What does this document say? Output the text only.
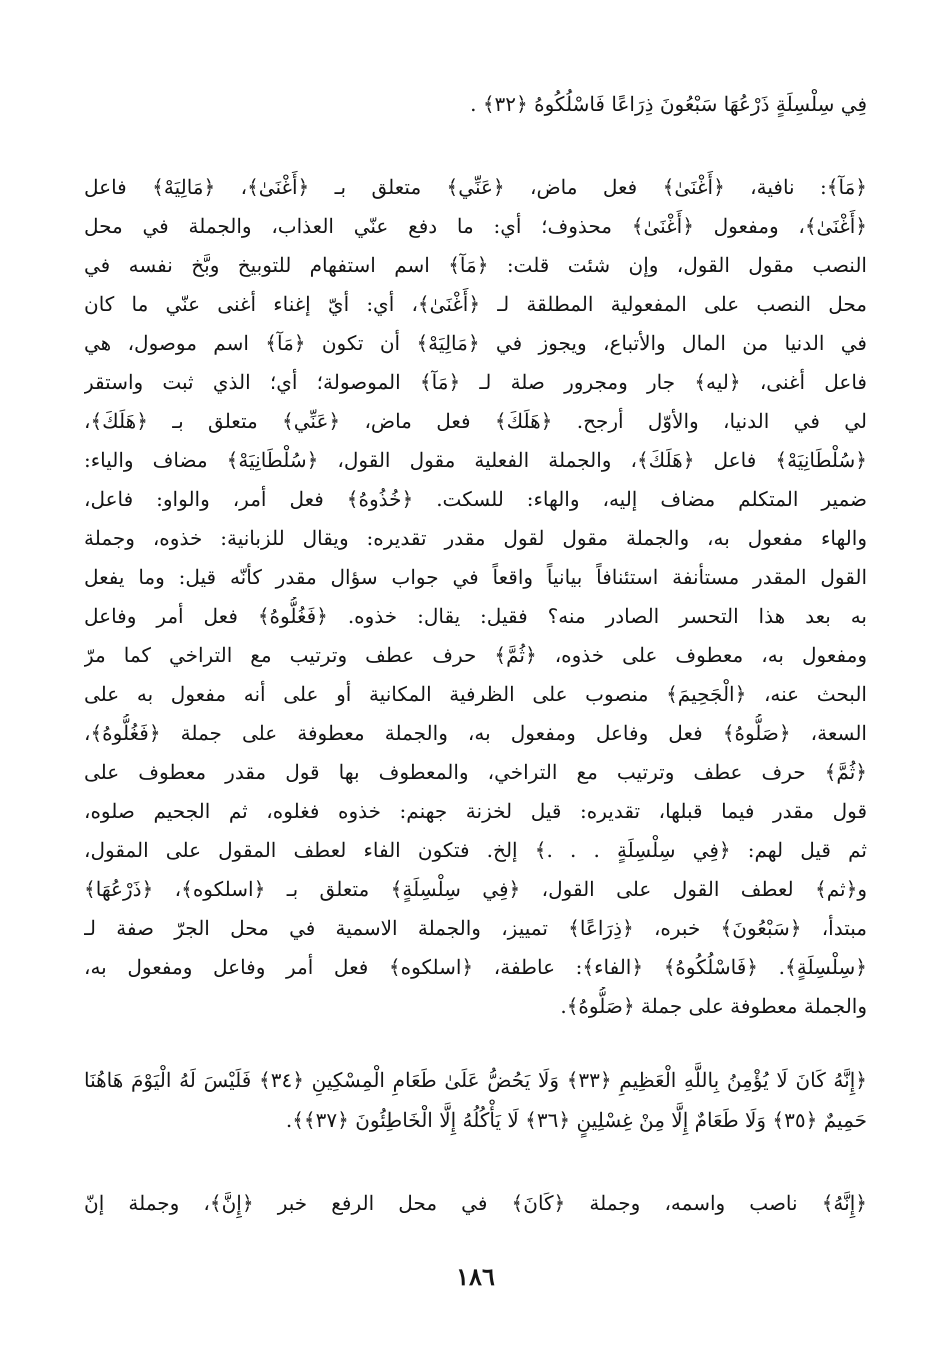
فِي سِلْسِلَةٍ ذَرْعُهَا سَبْعُونَ ذِرَاعًا فَاسْلُكُوهُ ﴿٣٢﴾ .

﴿مَآ﴾: نافية، ﴿أَغْنَىٰ﴾ فعل ماض، ﴿عَنِّي﴾ متعلق بـ ﴿أَغْنَىٰ﴾، ﴿مَالِيَهْ﴾ فاعل
﴿أَغْنَىٰ﴾، ومفعول ﴿أَغْنَىٰ﴾ محذوف؛ أي: ما دفع عنّي العذاب، والجملة في محل
النصب مقول القول، وإن شئت قلت: ﴿مَآ﴾ اسم استفهام للتوبيخ وبَّخ نفسه في
محل النصب على المفعولية المطلقة لـ ﴿أَغْنَىٰ﴾، أي: أيّ إغناء أغنى عنّي ما كان
في الدنيا من المال والأتباع، ويجوز في ﴿مَالِيَهْ﴾ أن تكون ﴿مَآ﴾ اسم موصول، هي
فاعل أغنى، ﴿ليه﴾ جار ومجرور صلة لـ ﴿مَآ﴾ الموصولة؛ أي؛ الذي ثبت واستقر
لي في الدنيا، والأوّل أرجح. ﴿هَلَكَ﴾ فعل ماض، ﴿عَنِّي﴾ متعلق بـ ﴿هَلَكَ﴾،
﴿سُلْطَانِيَهْ﴾ فاعل ﴿هَلَكَ﴾، والجملة الفعلية مقول القول، ﴿سُلْطَانِيَهْ﴾ مضاف والياء:
ضمير المتكلم مضاف إليه، والهاء: للسكت. ﴿خُذُوهُ﴾ فعل أمر، والواو: فاعل،
والهاء مفعول به، والجملة مقول لقول مقدر تقديره: ويقال للزبانية: خذوه، وجملة
القول المقدر مستأنفة استئنافاً بيانياً واقعاً في جواب سؤال مقدر كأنّه قيل: وما يفعل
به بعد هذا التحسر الصادر منه؟ فقيل: يقال: خذوه. ﴿فَغُلُّوهُ﴾ فعل أمر وفاعل
ومفعول به، معطوف على خذوه، ﴿ثُمَّ﴾ حرف عطف وترتيب مع التراخي كما مرّ
البحث عنه، ﴿الْجَحِيمَ﴾ منصوب على الظرفية المكانية أو على أنه مفعول به على
السعة، ﴿صَلُّوهُ﴾ فعل وفاعل ومفعول به، والجملة معطوفة على جملة ﴿فَغُلُّوهُ﴾،
﴿ثُمَّ﴾ حرف عطف وترتيب مع التراخي، والمعطوف بها قول مقدر معطوف على
قول مقدر فيما قبلها، تقديره: قيل لخزنة جهنم: خذوه فغلوه، ثم الجحيم صلوه،
ثم قيل لهم: ﴿فِي سِلْسِلَةٍ . . .﴾ إلخ. فتكون الفاء لعطف المقول على المقول،
و﴿ثم﴾ لعطف القول على القول، ﴿فِي سِلْسِلَةٍ﴾ متعلق بـ ﴿اسلكوه﴾، ﴿ذَرْعُهَا﴾
مبتدأ، ﴿سَبْعُونَ﴾ خبره، ﴿ذِرَاعًا﴾ تمييز، والجملة الاسمية في محل الجرّ صفة لـ
﴿سِلْسِلَةٍ﴾. ﴿فَاسْلُكُوهُ﴾ ﴿الفاء﴾: عاطفة، ﴿اسلكوه﴾ فعل أمر وفاعل ومفعول به،
والجملة معطوفة على جملة ﴿صَلُّوهُ﴾.

﴿إِنَّهُ كَانَ لَا يُؤْمِنُ بِاللَّهِ الْعَظِيمِ ﴿٣٣﴾ وَلَا يَحُضُّ عَلَىٰ طَعَامِ الْمِسْكِينِ ﴿٣٤﴾ فَلَيْسَ لَهُ الْيَوْمَ هَاهُنَا
حَمِيمٌ ﴿٣٥﴾ وَلَا طَعَامٌ إِلَّا مِنْ غِسْلِينٍ ﴿٣٦﴾ لَا يَأْكُلُهُ إِلَّا الْخَاطِئُونَ ﴿٣٧﴾﴾.

﴿إِنَّهُ﴾ ناصب واسمه، وجملة ﴿كَانَ﴾ في محل الرفع خبر ﴿إِنَّ﴾، وجملة إنّ

١٨٦
